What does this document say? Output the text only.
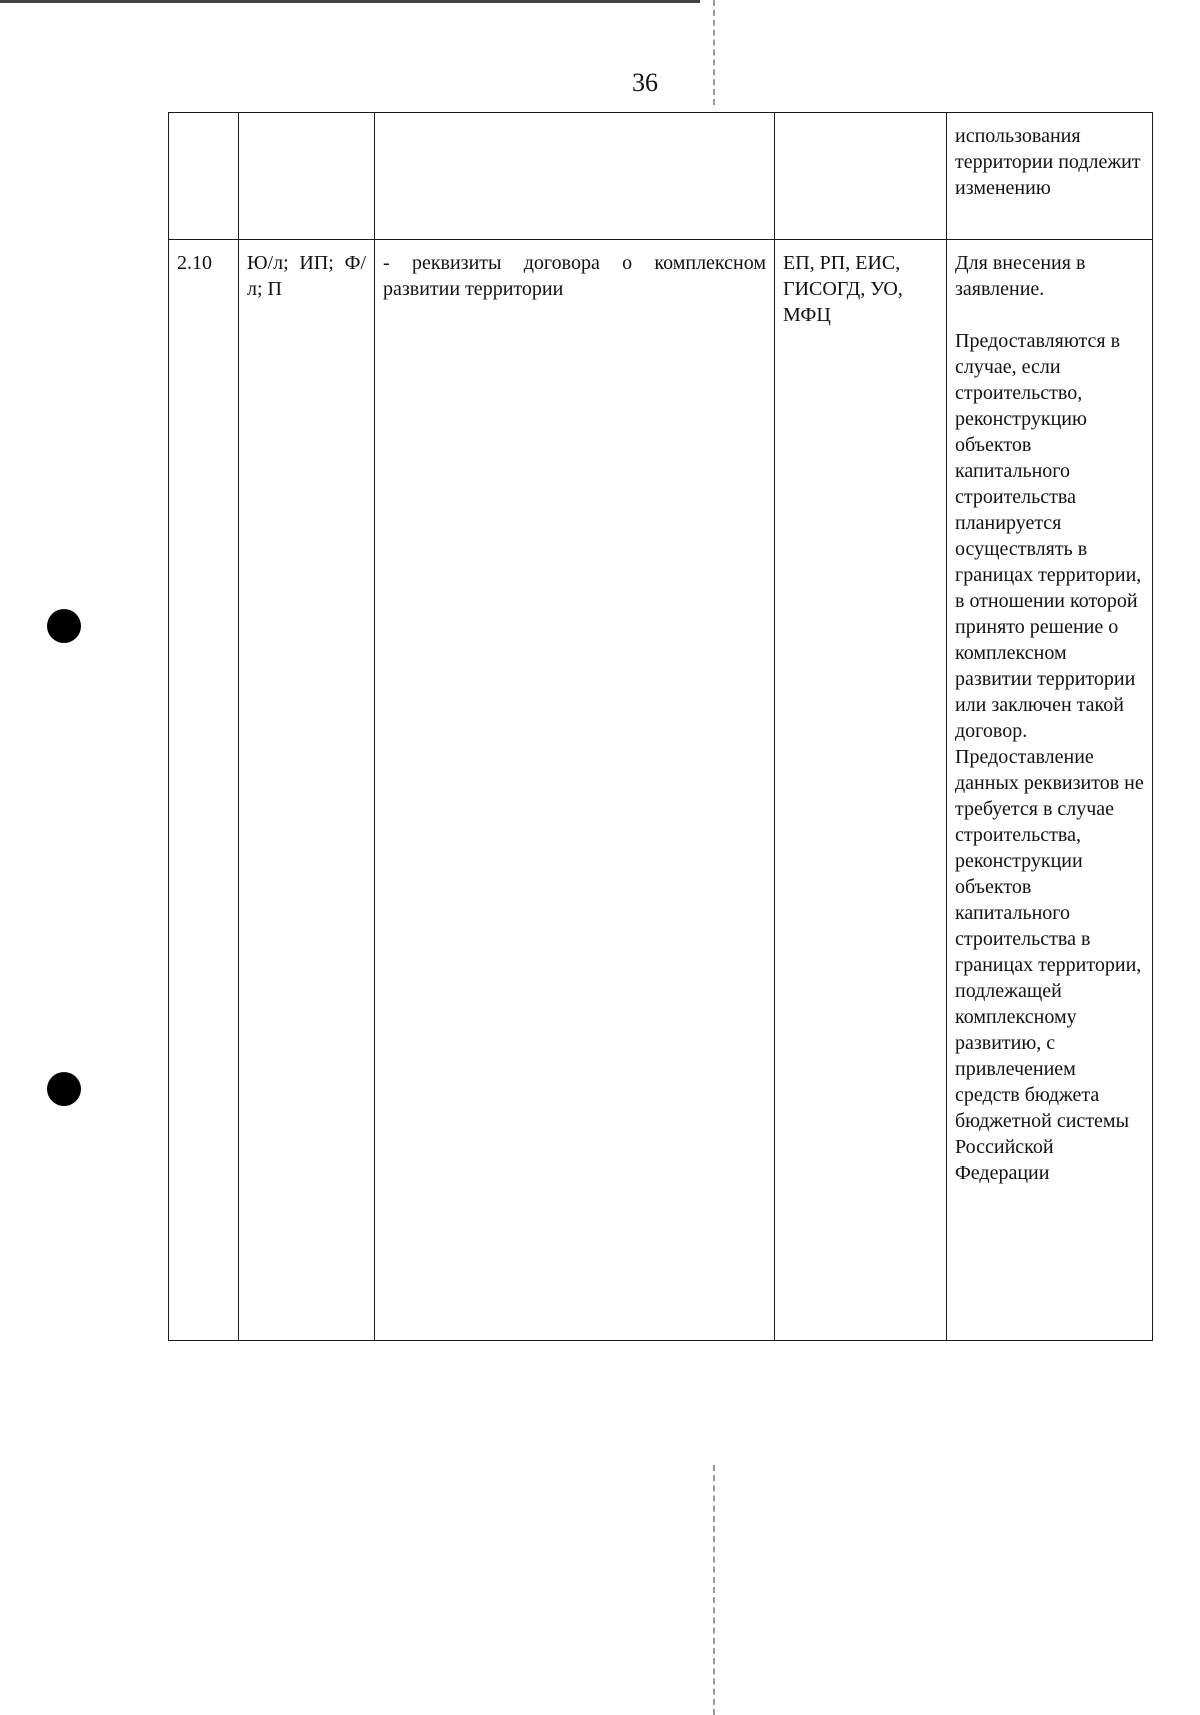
36

				использования территории подлежит изменению

2.10	Ю/л; ИП; Ф/л; П	- реквизиты договора о комплексном развитии территории	ЕП, РП, ЕИС, ГИСОГД, УО, МФЦ	Для внесения в заявление.

Предоставляются в случае, если строительство, реконструкцию объектов капитального строительства планируется осуществлять в границах территории, в отношении которой принято решение о комплексном развитии территории или заключен такой договор. Предоставление данных реквизитов не требуется в случае строительства, реконструкции объектов капитального строительства в границах территории, подлежащей комплексному развитию, с привлечением средств бюджета бюджетной системы Российской Федерации
